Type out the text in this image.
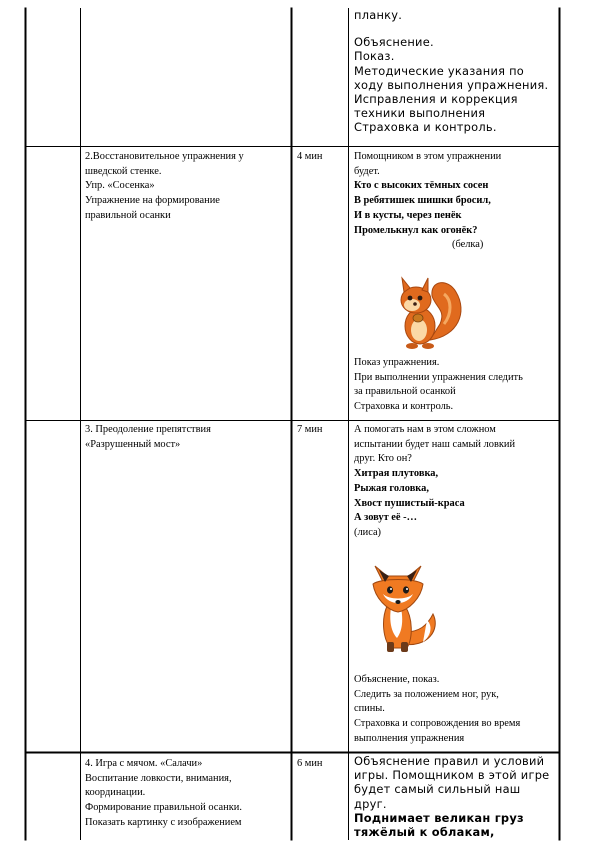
планку.
Объяснение.
Показ.
Методические указания по
ходу выполнения упражнения.
Исправления и коррекция
техники выполнения
Страховка и контроль.
2.Восстановительное упражнения у
шведской стенке.
Упр. «Сосенка»
Упражнение на формирование
правильной осанки
4 мин	Помощником в этом упражнении
будет.
Кто с высоких тёмных сосен
В ребятишек шишки бросил,
И в кусты, через пенёк
Промелькнул как огонёк?
(белка)
Показ упражнения.
При выполнении упражнения следить
за правильной осанкой
Страховка и контроль.
3. Преодоление препятствия
«Разрушенный мост»
7 мин	А помогать нам в этом сложном
испытании будет наш самый ловкий
друг. Кто он?
Хитрая плутовка,
Рыжая головка,
Хвост пушистый-краса
А зовут её -…
(лиса)
Объяснение, показ.
Следить за положением ног, рук,
спины.
Страховка и сопровождения во время
выполнения упражнения
4. Игра с мячом. «Салачи»
Воспитание ловкости, внимания,
координации.
Формирование правильной осанки.
Показать картинку с изображением
6 мин	Объяснение правил и условий
игры. Помощником в этой игре
будет самый сильный наш
друг.
Поднимает великан груз
тяжёлый к облакам,
